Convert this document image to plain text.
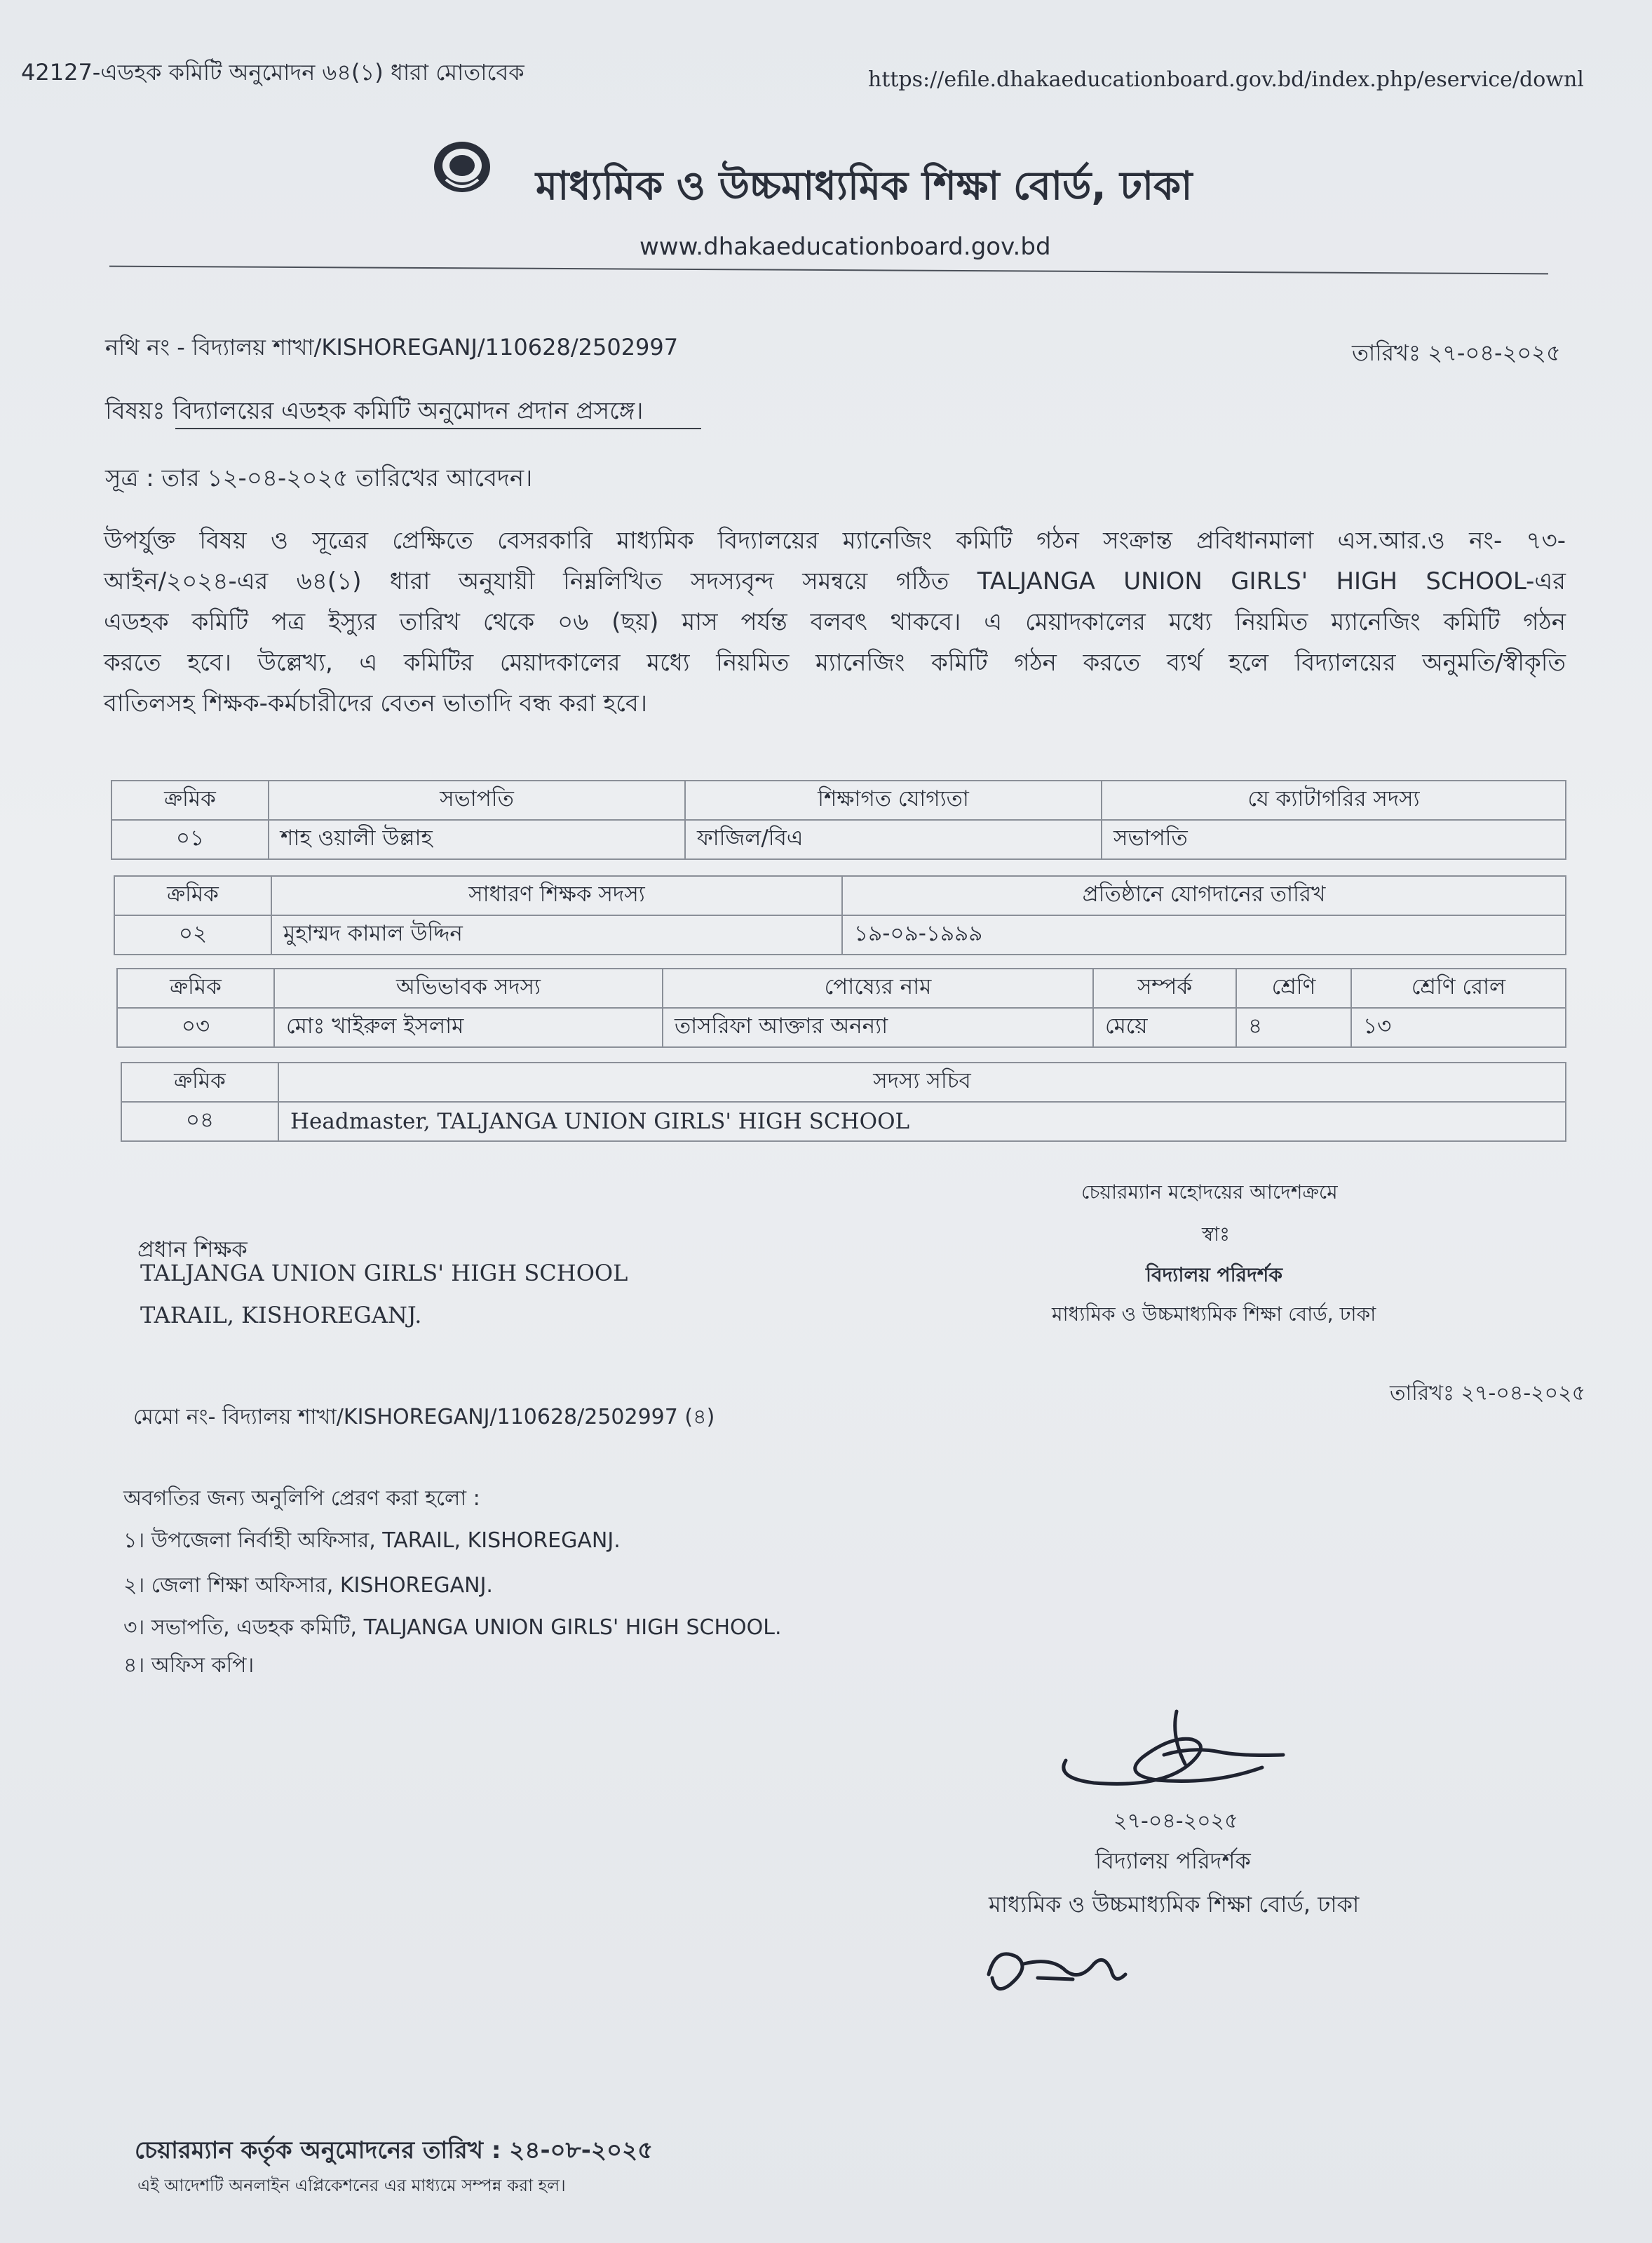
42127-এডহক কমিটি অনুমোদন ৬৪(১) ধারা মোতাবেক	https://efile.dhakaeducationboard.gov.bd/index.php/eservice/downl
মাধ্যমিক ও উচ্চমাধ্যমিক শিক্ষা বোর্ড, ঢাকা
www.dhakaeducationboard.gov.bd
নথি নং - বিদ্যালয় শাখা/KISHOREGANJ/110628/2502997	তারিখঃ ২৭-০৪-২০২৫
বিষয়ঃ বিদ্যালয়ের এডহক কমিটি অনুমোদন প্রদান প্রসঙ্গে।
সূত্র : তার ১২-০৪-২০২৫ তারিখের আবেদন।
উপর্যুক্ত বিষয় ও সূত্রের প্রেক্ষিতে বেসরকারি মাধ্যমিক বিদ্যালয়ের ম্যানেজিং কমিটি গঠন সংক্রান্ত প্রবিধানমালা এস.আর.ও নং- ৭৩-
আইন/২০২৪-এর ৬৪(১) ধারা অনুযায়ী নিম্নলিখিত সদস্যবৃন্দ সমন্বয়ে গঠিত TALJANGA UNION GIRLS' HIGH SCHOOL-এর
এডহক কমিটি পত্র ইস্যুর তারিখ থেকে ০৬ (ছয়) মাস পর্যন্ত বলবৎ থাকবে। এ মেয়াদকালের মধ্যে নিয়মিত ম্যানেজিং কমিটি গঠন
করতে হবে। উল্লেখ্য, এ কমিটির মেয়াদকালের মধ্যে নিয়মিত ম্যানেজিং কমিটি গঠন করতে ব্যর্থ হলে বিদ্যালয়ের অনুমতি/স্বীকৃতি
বাতিলসহ শিক্ষক-কর্মচারীদের বেতন ভাতাদি বন্ধ করা হবে।
ক্রমিক	সভাপতি	শিক্ষাগত যোগ্যতা	যে ক্যাটাগরির সদস্য
০১	শাহ ওয়ালী উল্লাহ	ফাজিল/বিএ	সভাপতি
ক্রমিক	সাধারণ শিক্ষক সদস্য	প্রতিষ্ঠানে যোগদানের তারিখ
০২	মুহাম্মদ কামাল উদ্দিন	১৯-০৯-১৯৯৯
ক্রমিক	অভিভাবক সদস্য	পোষ্যের নাম	সম্পর্ক	শ্রেণি	শ্রেণি রোল
০৩	মোঃ খাইরুল ইসলাম	তাসরিফা আক্তার অনন্যা	মেয়ে	৪	১৩
ক্রমিক	সদস্য সচিব
০৪	Headmaster, TALJANGA UNION GIRLS' HIGH SCHOOL
চেয়ারম্যান মহোদয়ের আদেশক্রমে
স্বাঃ
বিদ্যালয় পরিদর্শক
মাধ্যমিক ও উচ্চমাধ্যমিক শিক্ষা বোর্ড, ঢাকা
প্রধান শিক্ষক
TALJANGA UNION GIRLS' HIGH SCHOOL
TARAIL, KISHOREGANJ.
তারিখঃ ২৭-০৪-২০২৫
মেমো নং- বিদ্যালয় শাখা/KISHOREGANJ/110628/2502997 (৪)
অবগতির জন্য অনুলিপি প্রেরণ করা হলো :
১। উপজেলা নির্বাহী অফিসার, TARAIL, KISHOREGANJ.
২। জেলা শিক্ষা অফিসার, KISHOREGANJ.
৩। সভাপতি, এডহক কমিটি, TALJANGA UNION GIRLS' HIGH SCHOOL.
৪। অফিস কপি।
২৭-০৪-২০২৫
বিদ্যালয় পরিদর্শক
মাধ্যমিক ও উচ্চমাধ্যমিক শিক্ষা বোর্ড, ঢাকা
চেয়ারম্যান কর্তৃক অনুমোদনের তারিখ : ২৪-০৮-২০২৫
এই আদেশটি অনলাইন এপ্লিকেশনের এর মাধ্যমে সম্পন্ন করা হল।
